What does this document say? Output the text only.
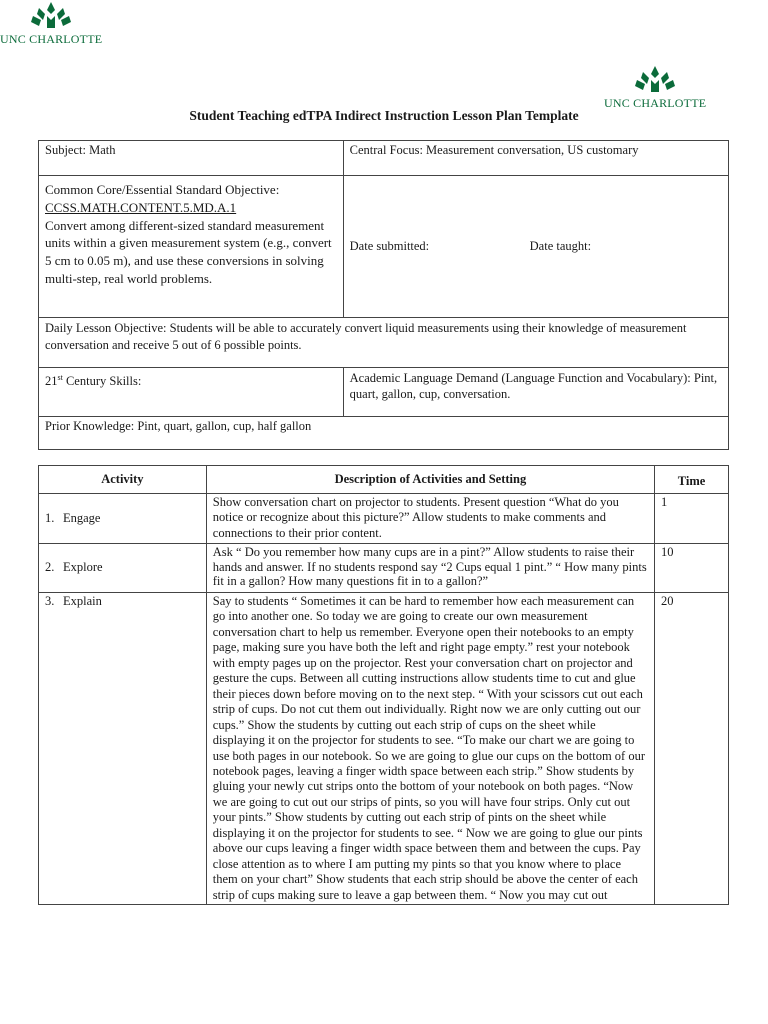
UNC CHARLOTTE
UNC CHARLOTTE
Student Teaching edTPA Indirect Instruction Lesson Plan Template
Subject: Math	Central Focus: Measurement conversation, US customary

Common Core/Essential Standard Objective:
CCSS.MATH.CONTENT.5.MD.A.1
Convert among different-sized standard measurement units within a given measurement system (e.g., convert 5 cm to 0.05 m), and use these conversions in solving multi-step, real world problems.	Date submitted: Date taught:
Daily Lesson Objective: Students will be able to accurately convert liquid measurements using their knowledge of measurement conversation and receive 5 out of 6 possible points.	
21st Century Skills:	Academic Language Demand (Language Function and Vocabulary): Pint, quart, gallon, cup, conversation.
Prior Knowledge: Pint, quart, gallon, cup, half gallon	
Activity	Description of Activities and Setting	Time
1. Engage	Show conversation chart on projector to students. Present question “What do you notice or recognize about this picture?” Allow students to make comments and connections to their prior content.	1
2. Explore	Ask “ Do you remember how many cups are in a pint?” Allow students to raise their hands and answer. If no students respond say “2 Cups equal 1 pint.” “ How many pints fit in a gallon? How many questions fit in to a gallon?”	10
3. Explain	Say to students “ Sometimes it can be hard to remember how each measurement can go into another one. So today we are going to create our own measurement conversation chart to help us remember. Everyone open their notebooks to an empty page, making sure you have both the left and right page empty.” rest your notebook with empty pages up on the projector. Rest your conversation chart on projector and gesture the cups. Between all cutting instructions allow students time to cut and glue their pieces down before moving on to the next step. “ With your scissors cut out each strip of cups. Do not cut them out individually. Right now we are only cutting out our cups.” Show the students by cutting out each strip of cups on the sheet while displaying it on the projector for students to see. “To make our chart we are going to use both pages in our notebook. So we are going to glue our cups on the bottom of our notebook pages, leaving a finger width space between each strip.” Show students by gluing your newly cut strips onto the bottom of your notebook on both pages. “Now we are going to cut out our strips of pints, so you will have four strips. Only cut out your pints.” Show students by cutting out each strip of pints on the sheet while displaying it on the projector for students to see. “ Now we are going to glue our pints above our cups leaving a finger width space between them and between the cups. Pay close attention as to where I am putting my pints so that you know where to place them on your chart” Show students that each strip should be above the center of each strip of cups making sure to leave a gap between them. “ Now you may cut out	20
